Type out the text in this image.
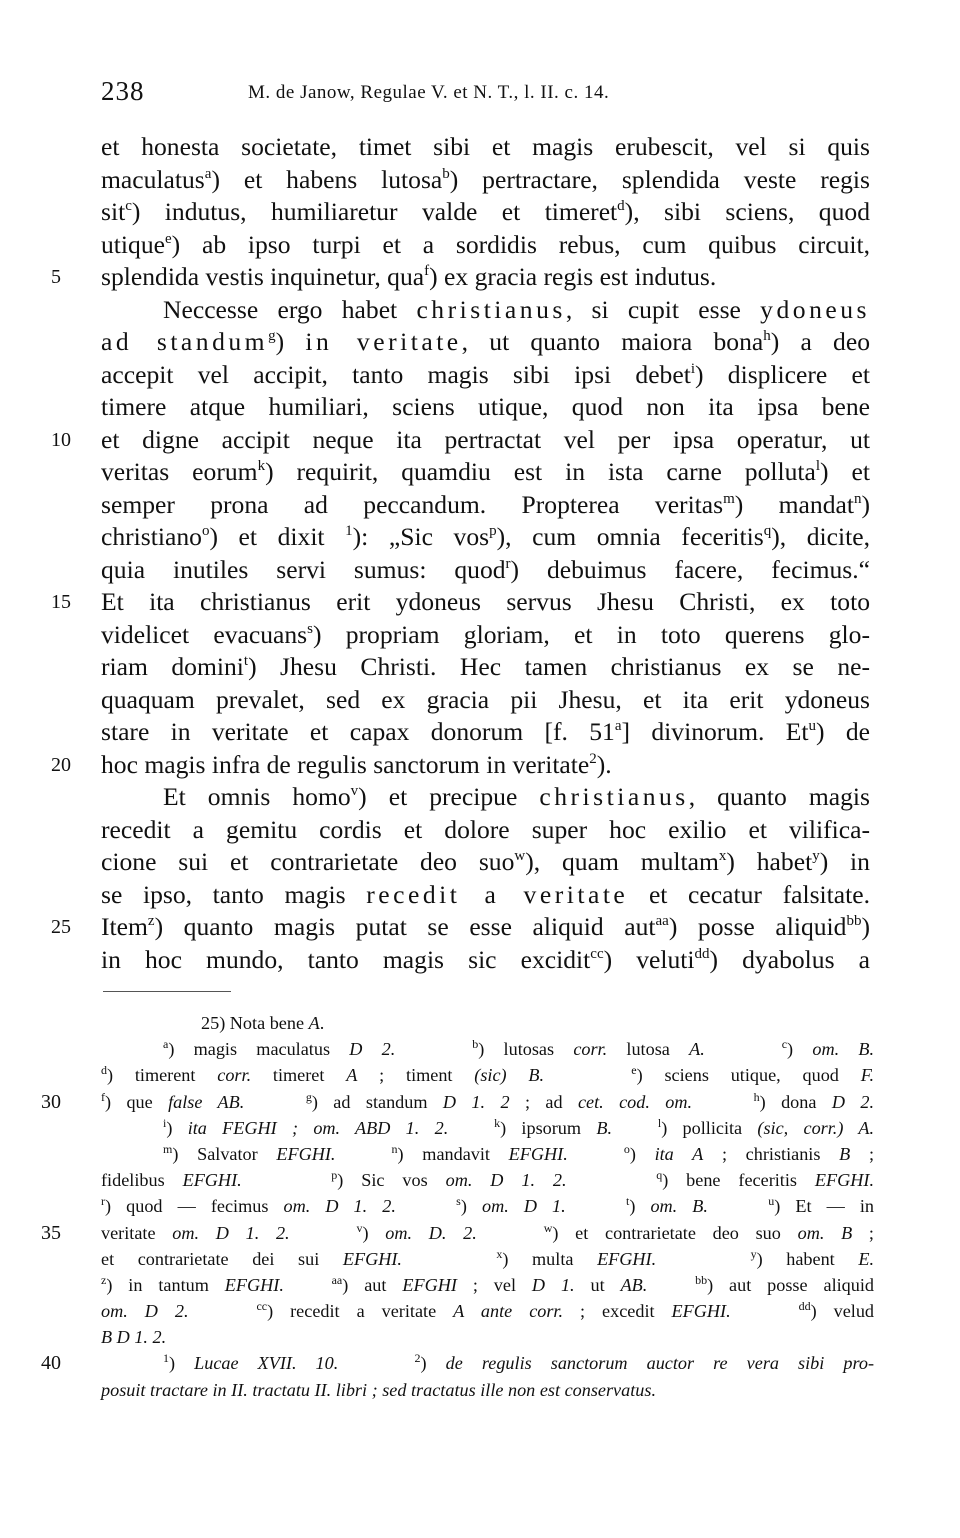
238	M. de Janow, Regulae V. et N. T., l. II. c. 14.
et honesta societate, timet sibi et magis erubescit, vel si quis
maculatus$^a$) et habens lutosa$^b$) pertractare, splendida veste regis
sit$^c$) indutus, humiliaretur valde et timeret$^d$), sibi sciens, quod
utique$^e$) ab ipso turpi et a sordidis rebus, cum quibus circuit,
5	splendida vestis inquinetur, qua$^f$) ex gracia regis est indutus.
Neccesse ergo habet christianus, si cupit esse ydoneus
ad standum$^g$) in veritate, ut quanto maiora bona$^h$) a deo
accepit vel accipit, tanto magis sibi ipsi debet$^i$) displicere et
timere atque humiliari, sciens utique, quod non ita ipsa bene
10	et digne accipit neque ita pertractat vel per ipsa operatur, ut
veritas eorum$^k$) requirit, quamdiu est in ista carne polluta$^l$) et
semper prona ad peccandum. Propterea veritas$^m$) mandat$^n$)
christiano$^o$) et dixit $^1$): „Sic vos$^p$), cum omnia feceritis$^q$), dicite,
quia inutiles servi sumus: quod$^r$) debuimus facere, fecimus.“
15	Et ita christianus erit ydoneus servus Jhesu Christi, ex toto
videlicet evacuans$^s$) propriam gloriam, et in toto querens glo-
riam domini$^t$) Jhesu Christi. Hec tamen christianus ex se ne-
quaquam prevalet, sed ex gracia pii Jhesu, et ita erit ydoneus
stare in veritate et capax donorum [f. 51$^a$] divinorum. Et$^u$) de
20	hoc magis infra de regulis sanctorum in veritate$^2$).
Et omnis homo$^v$) et precipue christianus, quanto magis
recedit a gemitu cordis et dolore super hoc exilio et vilifica-
cione sui et contrarietate deo suo$^w$), quam multam$^x$) habet$^y$) in
se ipso, tanto magis recedit a veritate et cecatur falsitate.
25	Item$^z$) quanto magis putat se esse aliquid aut$^{aa}$) posse aliquid$^{bb}$)
in hoc mundo, tanto magis sic excidit$^{cc}$) veluti$^{dd}$) dyabolus a
25) Nota bene A.
$^a$) magis maculatus D 2.	$^b$) lutosas corr. lutosa A.	$^c$) om. B.
$^d$) timerent corr. timeret A ; timent (sic) B.	$^e$) sciens utique, quod F.
30	$^f$) que false AB.	$^g$) ad standum D 1. 2 ; ad cet. cod. om.	$^h$) dona D 2.
$^i$) ita FEGHI ; om. ABD 1. 2.	$^k$) ipsorum B.	$^l$) pollicita (sic, corr.) A.
$^m$) Salvator EFGHI.	$^n$) mandavit EFGHI.	$^o$) ita A ; christianis B ;
fidelibus EFGHI.	$^p$) Sic vos om. D 1. 2.	$^q$) bene feceritis EFGHI.
$^r$) quod — fecimus om. D 1. 2.	$^s$) om. D 1.	$^t$) om. B.	$^u$) Et — in
35	veritate om. D 1. 2.	$^v$) om. D. 2.	$^w$) et contrarietate deo suo om. B ;
et contrarietate dei sui EFGHI.	$^x$) multa EFGHI.	$^y$) habent E.
$^z$) in tantum EFGHI.	$^{aa}$) aut EFGHI ; vel D 1. ut AB.	$^{bb}$) aut posse aliquid
om. D 2.	$^{cc}$) recedit a veritate A ante corr. ; excedit EFGHI.	$^{dd}$) velud
B D 1. 2.
40	$^1$) Lucae XVII. 10.	$^2$) de regulis sanctorum auctor re vera sibi pro-
posuit tractare in II. tractatu II. libri ; sed tractatus ille non est conservatus.
